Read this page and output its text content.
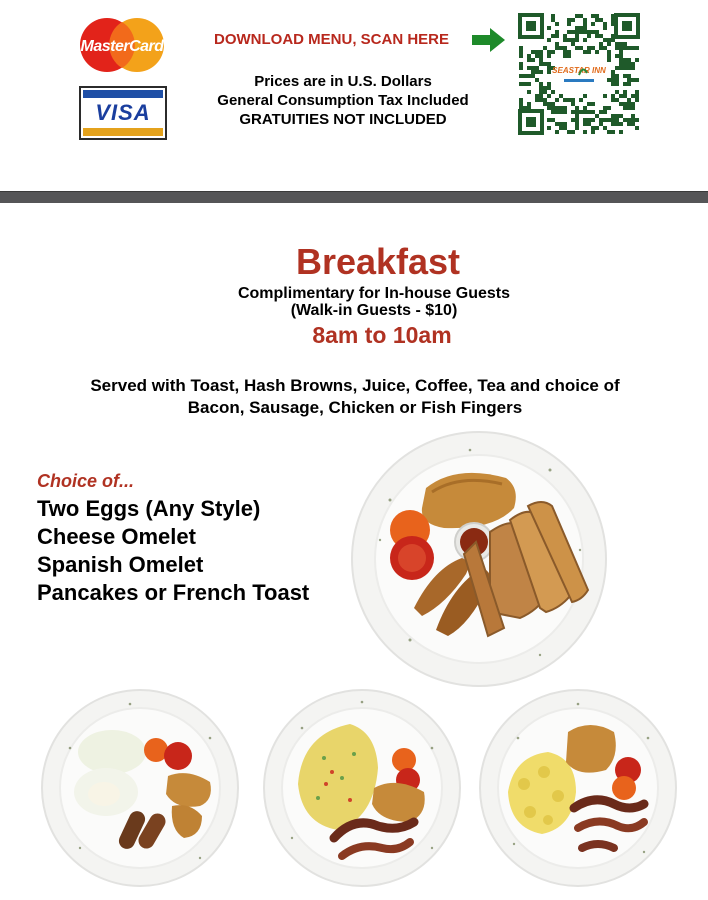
MasterCard
VISA
DOWNLOAD MENU, SCAN HERE
Prices are in U.S. Dollars
General Consumption Tax Included
GRATUITIES NOT INCLUDED
SEASTAR INN
Breakfast
Complimentary for In-house Guests
(Walk-in Guests - $10)
8am to 10am
Served with Toast, Hash Browns, Juice, Coffee, Tea and choice of
Bacon, Sausage, Chicken or Fish Fingers
Choice of...
Two Eggs (Any Style)
Cheese Omelet
Spanish Omelet
Pancakes or French Toast
